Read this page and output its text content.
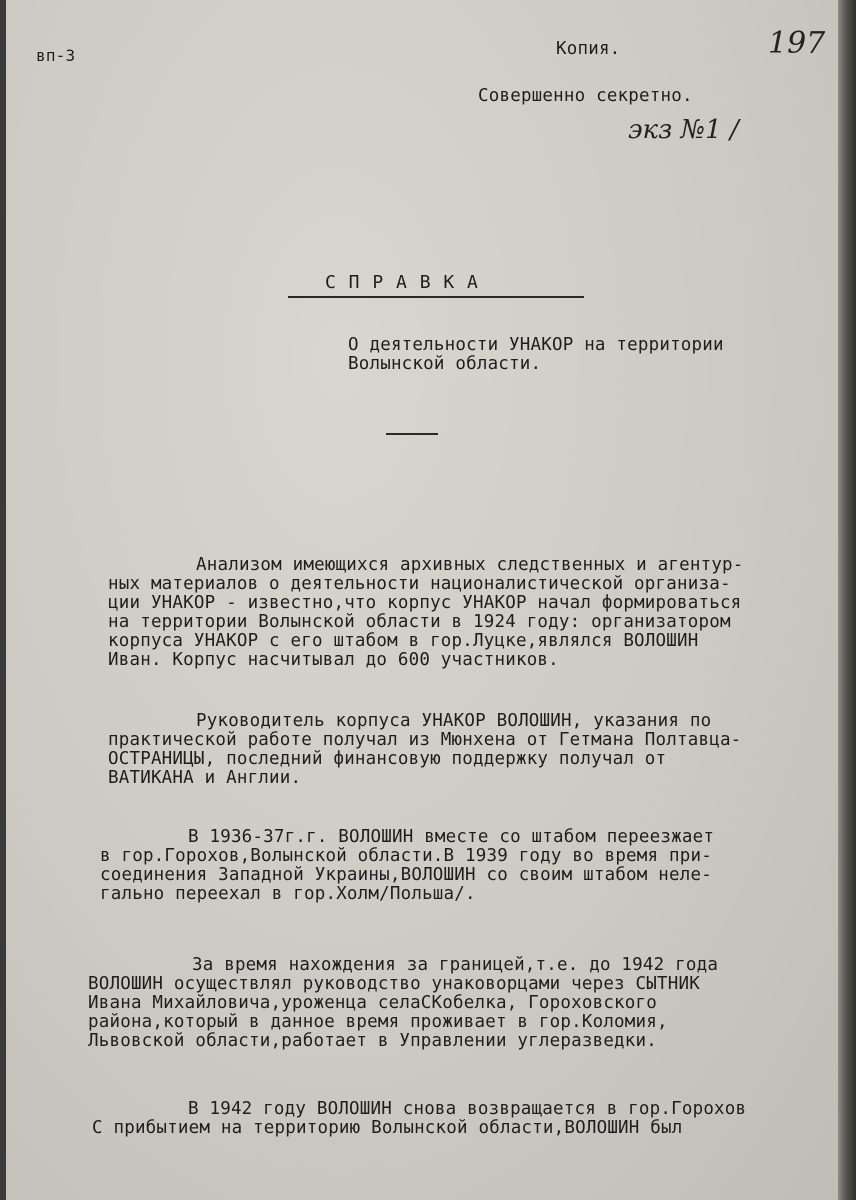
вп-3	Копия.	197
Совершенно секретно.
экз №1 /
С П Р А В К А
О деятельности УНАКОР на территории
Волынской области.
Анализом имеющихся архивных следственных и агентур-
ных материалов о деятельности националистической организа-
ции УНАКОР - известно,что корпус УНАКОР начал формироваться
на территории Волынской области в 1924 году: организатором
корпуса УНАКОР с его штабом в гор.Луцке,являлся ВОЛОШИН
Иван. Корпус насчитывал до 600 участников.
Руководитель корпуса УНАКОР ВОЛОШИН, указания по
практической работе получал из Мюнхена от Гетмана Полтавца-
ОСТРАНИЦЫ, последний финансовую поддержку получал от
ВАТИКАНА и Англии.
В 1936-37г.г. ВОЛОШИН вместе со штабом переезжает
в гор.Горохов,Волынской области.В 1939 году во время при-
соединения Западной Украины,ВОЛОШИН со своим штабом неле-
гально переехал в гор.Холм/Польша/.
За время нахождения за границей,т.е. до 1942 года
ВОЛОШИН осуществлял руководство унаковорцами через СЫТНИК
Ивана Михайловича,уроженца селаСКобелка, Гороховского
района,который в данное время проживает в гор.Коломия,
Львовской области,работает в Управлении углеразведки.
В 1942 году ВОЛОШИН снова возвращается в гор.Горохов
С прибытием на территорию Волынской области,ВОЛОШИН был
